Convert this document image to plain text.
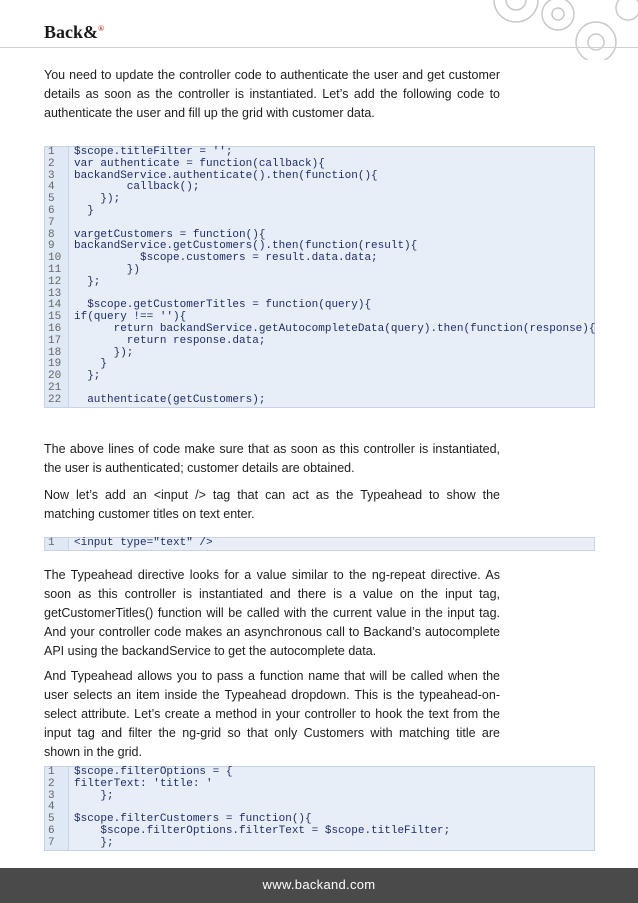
Back&®

You need to update the controller code to authenticate the user and get customer details as soon as the controller is instantiated. Let’s add the following code to authenticate the user and fill up the grid with customer data.

1	$scope.titleFilter = '';
2	var authenticate = function(callback){
3	backandService.authenticate().then(function(){
4	callback();
5	});
6	}
7
8	vargetCustomers = function(){
9	backandService.getCustomers().then(function(result){
10	$scope.customers = result.data.data;
11	})
12	};
13
14	$scope.getCustomerTitles = function(query){
15	if(query !== ''){
16	return backandService.getAutocompleteData(query).then(function(response){
17	return response.data;
18	});
19	}
20	};
21
22	authenticate(getCustomers);

The above lines of code make sure that as soon as this controller is instantiated, the user is authenticated; customer details are obtained.

Now let’s add an <input /> tag that can act as the Typeahead to show the matching customer titles on text enter.

1	<input type="text" />

The Typeahead directive looks for a value similar to the ng-repeat directive. As soon as this controller is instantiated and there is a value on the input tag, getCustomerTitles() function will be called with the current value in the input tag. And your controller code makes an asynchronous call to Backand’s autocomplete API using the backandService to get the autocomplete data.

And Typeahead allows you to pass a function name that will be called when the user selects an item inside the Typeahead dropdown. This is the typeahead-on-select attribute. Let’s create a method in your controller to hook the text from the input tag and filter the ng-grid so that only Customers with matching title are shown in the grid.

1	$scope.filterOptions = {
2	filterText: 'title: '
3	};
4
5	$scope.filterCustomers = function(){
6	$scope.filterOptions.filterText = $scope.titleFilter;
7	};
www.backand.com
